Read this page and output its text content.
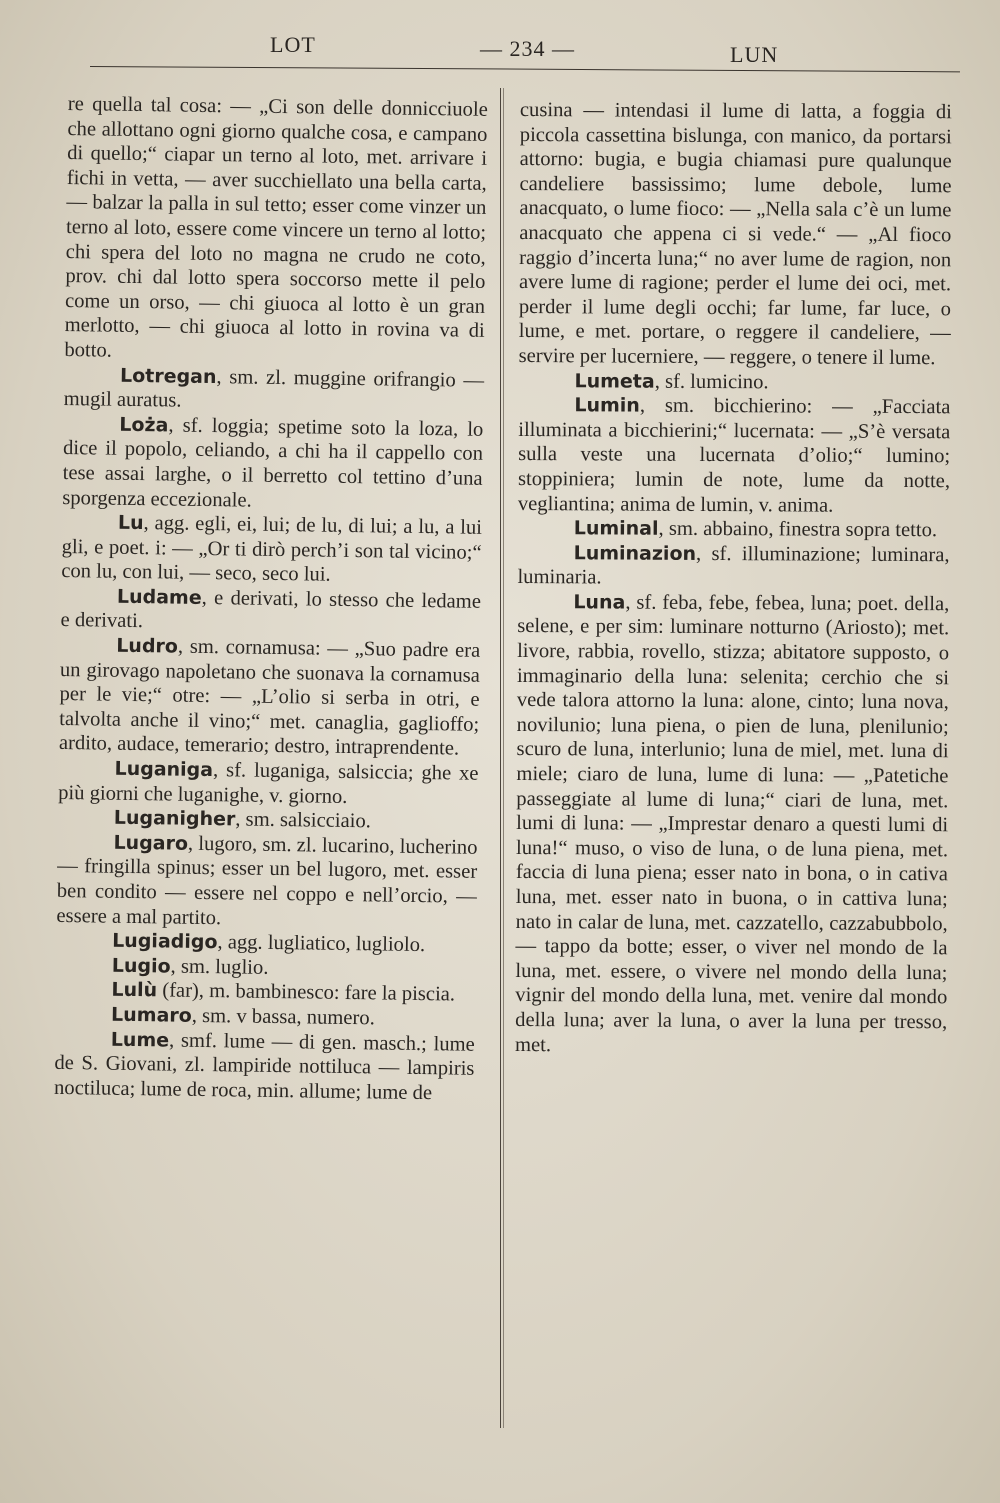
LOT	— 234 —	LUN

re quella tal cosa: — „Ci son delle donnicciuole che allottano ogni giorno qualche cosa, e campano di quello;“ ciapar un terno al loto, met. arrivare i fichi in vetta, — aver succhiellato una bella carta, — balzar la palla in sul tetto; esser come vinzer un terno al loto, essere come vincere un terno al lotto; chi spera del loto no magna ne crudo ne coto, prov. chi dal lotto spera soccorso mette il pelo come un orso, — chi giuoca al lotto è un gran merlotto, — chi giuoca al lotto in rovina va di botto.

Lotregan, sm. zl. muggine orifrangio — mugil auratus.

Loża, sf. loggia; spetime soto la loza, lo dice il popolo, celiando, a chi ha il cappello con tese assai larghe, o il berretto col tettino d’una sporgenza eccezionale.

Lu, agg. egli, ei, lui; de lu, di lui; a lu, a lui gli, e poet. i: — „Or ti dirò perch’i son tal vicino;“ con lu, con lui, — seco, seco lui.

Ludame, e derivati, lo stesso che ledame e derivati.

Ludro, sm. cornamusa: — „Suo padre era un girovago napoletano che suonava la cornamusa per le vie;“ otre: — „L’olio si serba in otri, e talvolta anche il vino;“ met. canaglia, gaglioffo; ardito, audace, temerario; destro, intraprendente.

Luganiga, sf. luganiga, salsiccia; ghe xe più giorni che luganighe, v. giorno.

Luganigher, sm. salsicciaio.

Lugaro, lugoro, sm. zl. lucarino, lucherino — fringilla spinus; esser un bel lugoro, met. esser ben condito — essere nel coppo e nell’orcio, — essere a mal partito.

Lugiadigo, agg. lugliatico, lugliolo.

Lugio, sm. luglio.

Lulù (far), m. bambinesco: fare la piscia.

Lumaro, sm. v bassa, numero.

Lume, smf. lume — di gen. masch.; lume de S. Giovani, zl. lampiride nottiluca — lampiris noctiluca; lume de roca, min. allume; lume de

cusina — intendasi il lume di latta, a foggia di piccola cassettina bislunga, con manico, da portarsi attorno: bugia, e bugia chiamasi pure qualunque candeliere bassissimo; lume debole, lume anacquato, o lume fioco: — „Nella sala c’è un lume anacquato che appena ci si vede.“ — „Al fioco raggio d’incerta luna;“ no aver lume de ragion, non avere lume di ragione; perder el lume dei oci, met. perder il lume degli occhi; far lume, far luce, o lume, e met. portare, o reggere il candeliere, — servire per lucerniere, — reggere, o tenere il lume.

Lumeta, sf. lumicino.

Lumin, sm. bicchierino: — „Facciata illuminata a bicchierini;“ lucernata: — „S’è versata sulla veste una lucernata d’olio;“ lumino; stoppiniera; lumin de note, lume da notte, vegliantina; anima de lumin, v. anima.

Luminal, sm. abbaino, finestra sopra tetto.

Luminazion, sf. illuminazione; luminara, luminaria.

Luna, sf. feba, febe, febea, luna; poet. della, selene, e per sim: luminare notturno (Ariosto); met. livore, rabbia, rovello, stizza; abitatore supposto, o immaginario della luna: selenita; cerchio che si vede talora attorno la luna: alone, cinto; luna nova, novilunio; luna piena, o pien de luna, plenilunio; scuro de luna, interlunio; luna de miel, met. luna di miele; ciaro de luna, lume di luna: — „Patetiche passeggiate al lume di luna;“ ciari de luna, met. lumi di luna: — „Imprestar denaro a questi lumi di luna!“ muso, o viso de luna, o de luna piena, met. faccia di luna piena; esser nato in bona, o in cativa luna, met. esser nato in buona, o in cattiva luna; nato in calar de luna, met. cazzatello, cazzabubbolo, — tappo da botte; esser, o viver nel mondo de la luna, met. essere, o vivere nel mondo della luna; vignir del mondo della luna, met. venire dal mondo della luna; aver la luna, o aver la luna per tresso, met.
